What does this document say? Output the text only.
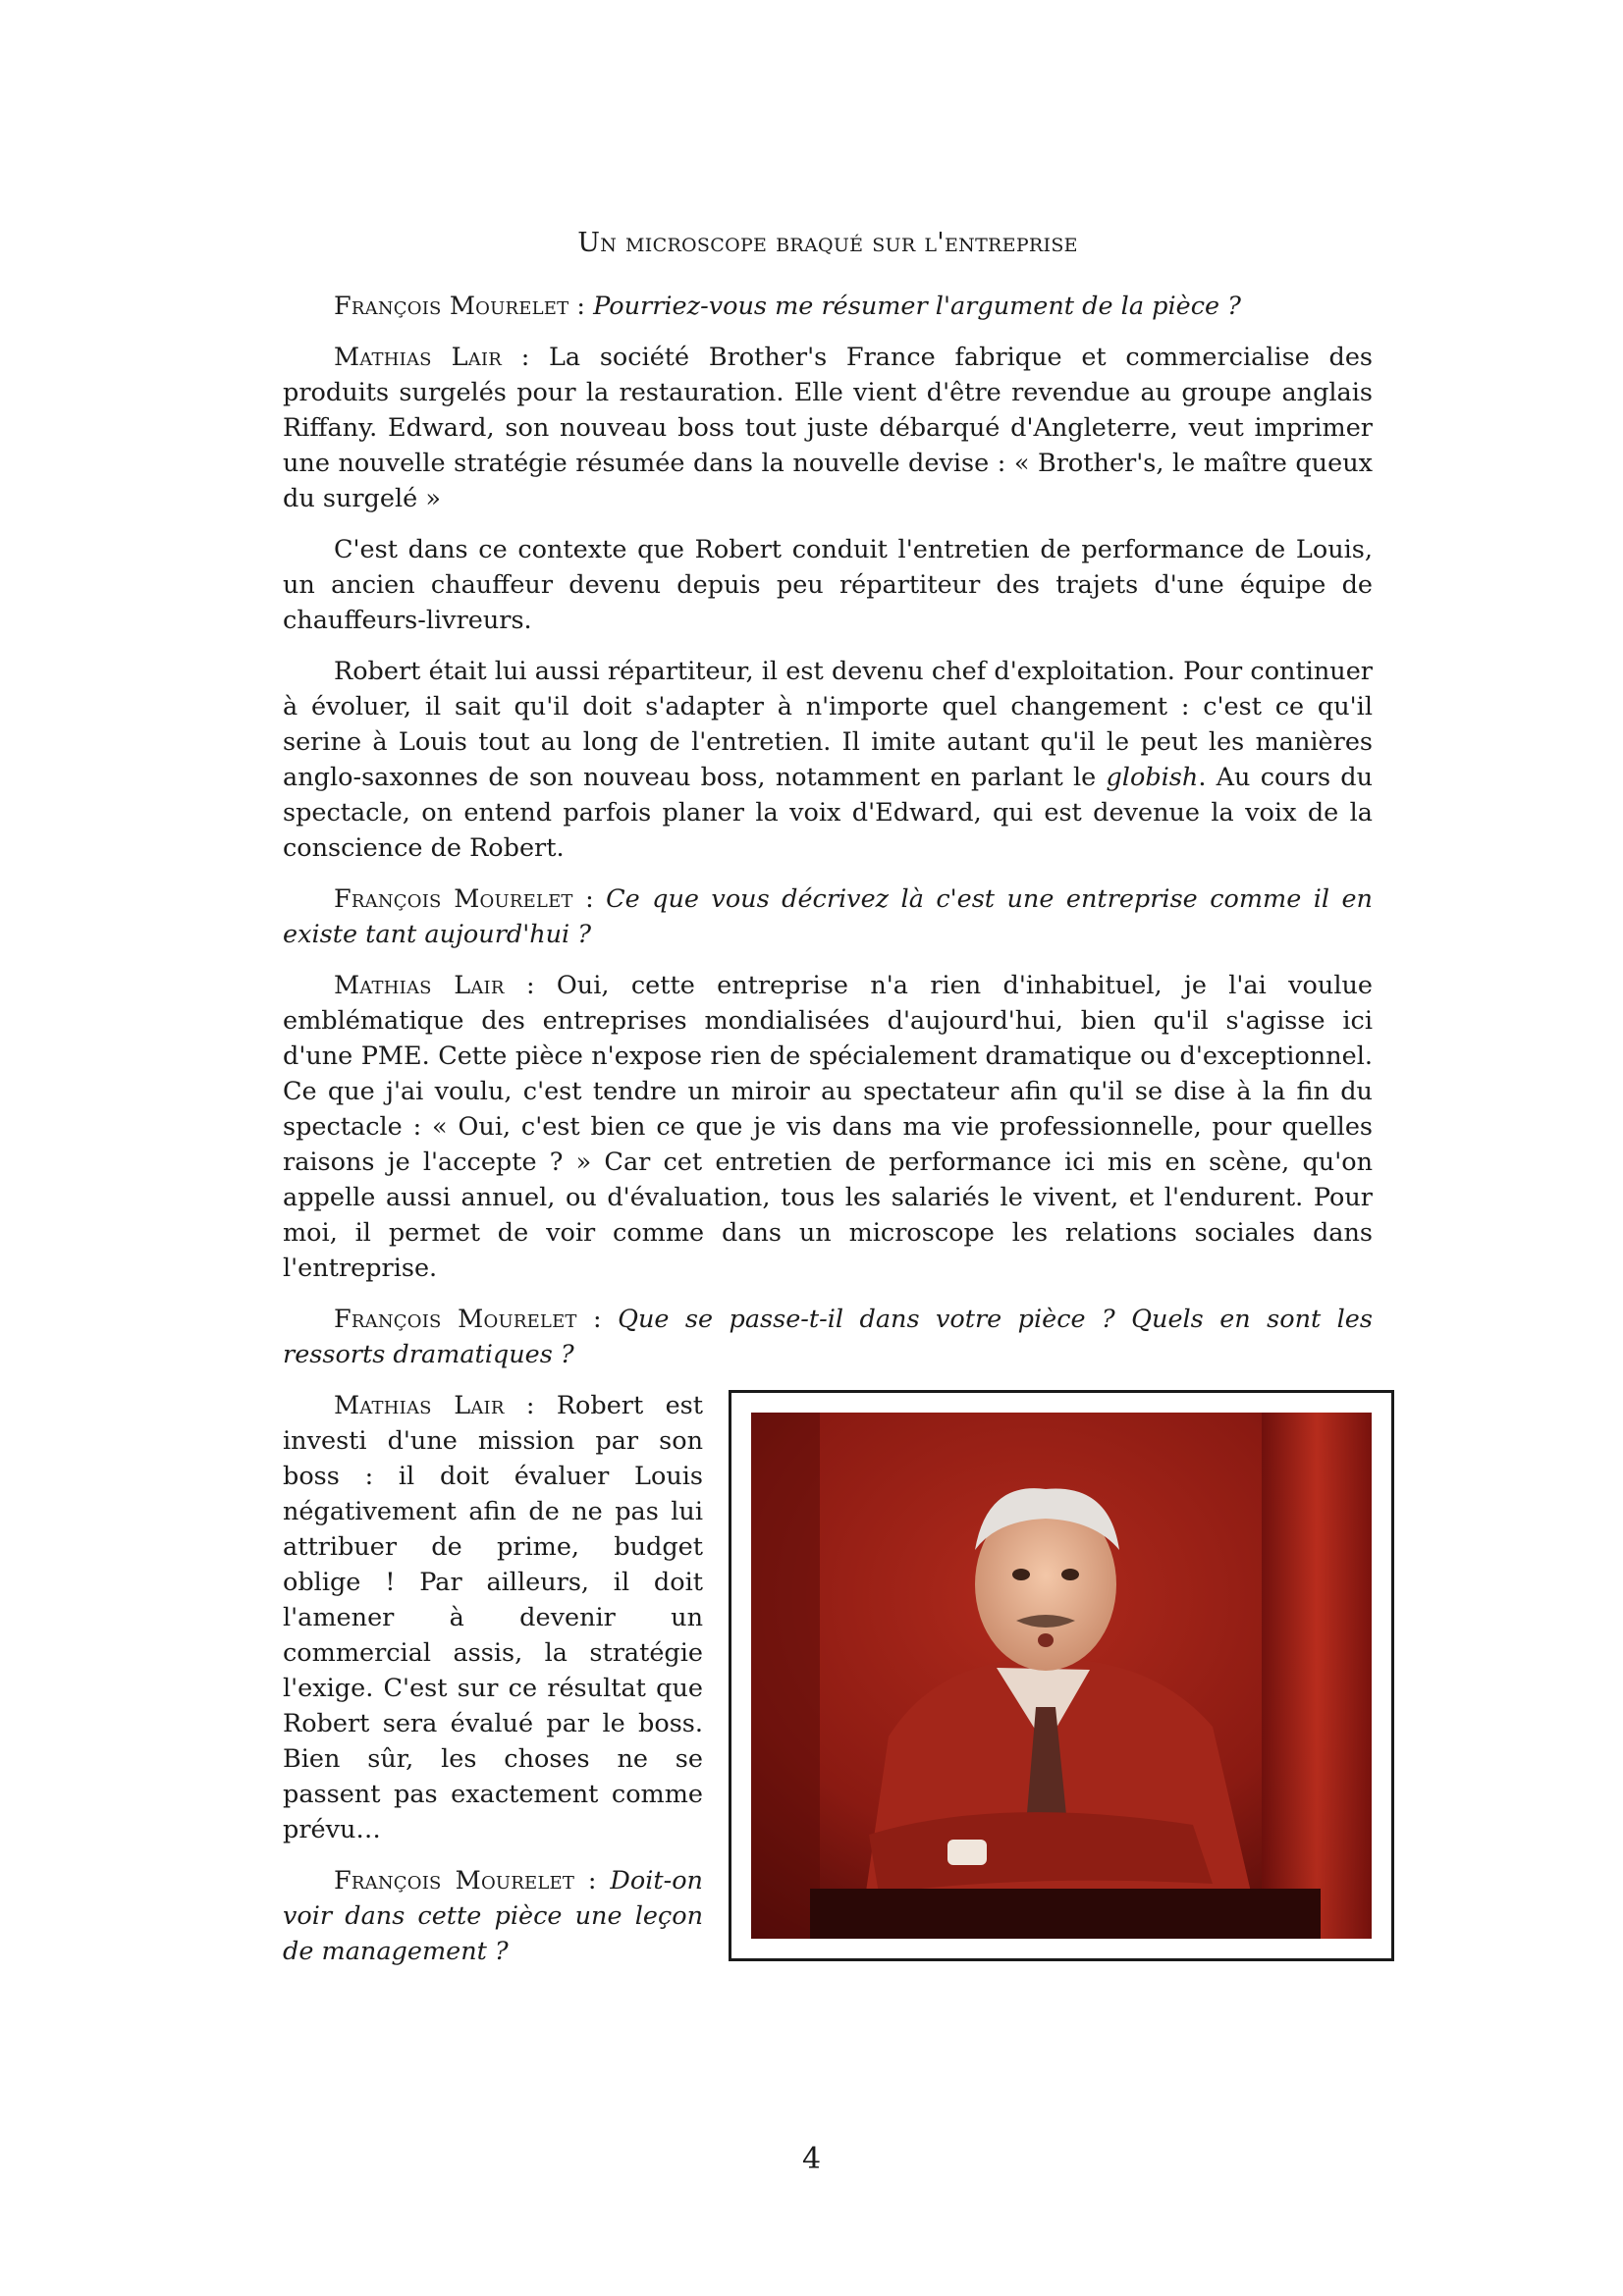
Un microscope braqué sur l'entreprise

François Mourelet : Pourriez-vous me résumer l'argument de la pièce ?

Mathias Lair : La société Brother's France fabrique et commercialise des produits surgelés pour la restauration. Elle vient d'être revendue au groupe anglais Riffany. Edward, son nouveau boss tout juste débarqué d'Angleterre, veut imprimer une nouvelle stratégie résumée dans la nouvelle devise : « Brother's, le maître queux du surgelé »

C'est dans ce contexte que Robert conduit l'entretien de performance de Louis, un ancien chauffeur devenu depuis peu répartiteur des trajets d'une équipe de chauffeurs-livreurs.

Robert était lui aussi répartiteur, il est devenu chef d'exploitation. Pour continuer à évoluer, il sait qu'il doit s'adapter à n'importe quel changement : c'est ce qu'il serine à Louis tout au long de l'entretien. Il imite autant qu'il le peut les manières anglo-saxonnes de son nouveau boss, notamment en parlant le globish. Au cours du spectacle, on entend parfois planer la voix d'Edward, qui est devenue la voix de la conscience de Robert.

François Mourelet : Ce que vous décrivez là c'est une entreprise comme il en existe tant aujourd'hui ?

Mathias Lair : Oui, cette entreprise n'a rien d'inhabituel, je l'ai voulue emblématique des entreprises mondialisées d'aujourd'hui, bien qu'il s'agisse ici d'une PME. Cette pièce n'expose rien de spécialement dramatique ou d'exceptionnel. Ce que j'ai voulu, c'est tendre un miroir au spectateur afin qu'il se dise à la fin du spectacle : « Oui, c'est bien ce que je vis dans ma vie professionnelle, pour quelles raisons je l'accepte ? » Car cet entretien de performance ici mis en scène, qu'on appelle aussi annuel, ou d'évaluation, tous les salariés le vivent, et l'endurent. Pour moi, il permet de voir comme dans un microscope les relations sociales dans l'entreprise.

François Mourelet : Que se passe-t-il dans votre pièce ? Quels en sont les ressorts dramatiques ?

Mathias Lair : Robert est investi d'une mission par son boss : il doit évaluer Louis négativement afin de ne pas lui attribuer de prime, budget oblige ! Par ailleurs, il doit l'amener à devenir un commercial assis, la stratégie l'exige. C'est sur ce résultat que Robert sera évalué par le boss. Bien sûr, les choses ne se passent pas exactement comme prévu…

François Mourelet : Doit-on voir dans cette pièce une leçon de management ?

4
